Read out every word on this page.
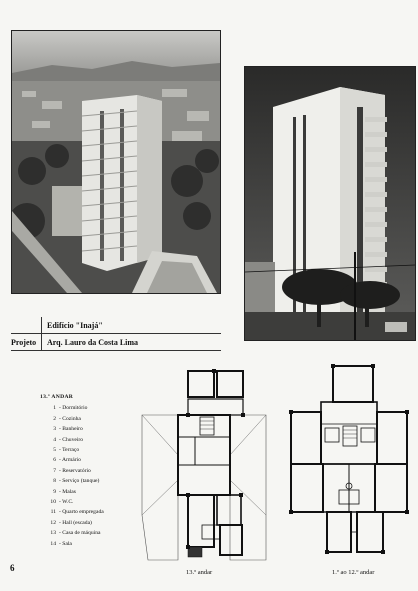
Edifício "Inajá"
Projeto	Arq. Lauro da Costa Lima
13.º ANDAR
1 - Dormitório
2 - Cozinha
3 - Banheiro
4 - Chuveiro
5 - Terraço
6 - Armário
7 - Reservatório
8 - Serviço (tanque)
9 - Malas
10 - W.C.
11 - Quarto empregada
12 - Hall (escada)
13 - Casa de máquina
14 - Sala
13.º andar	1.º ao 12.º andar
6
